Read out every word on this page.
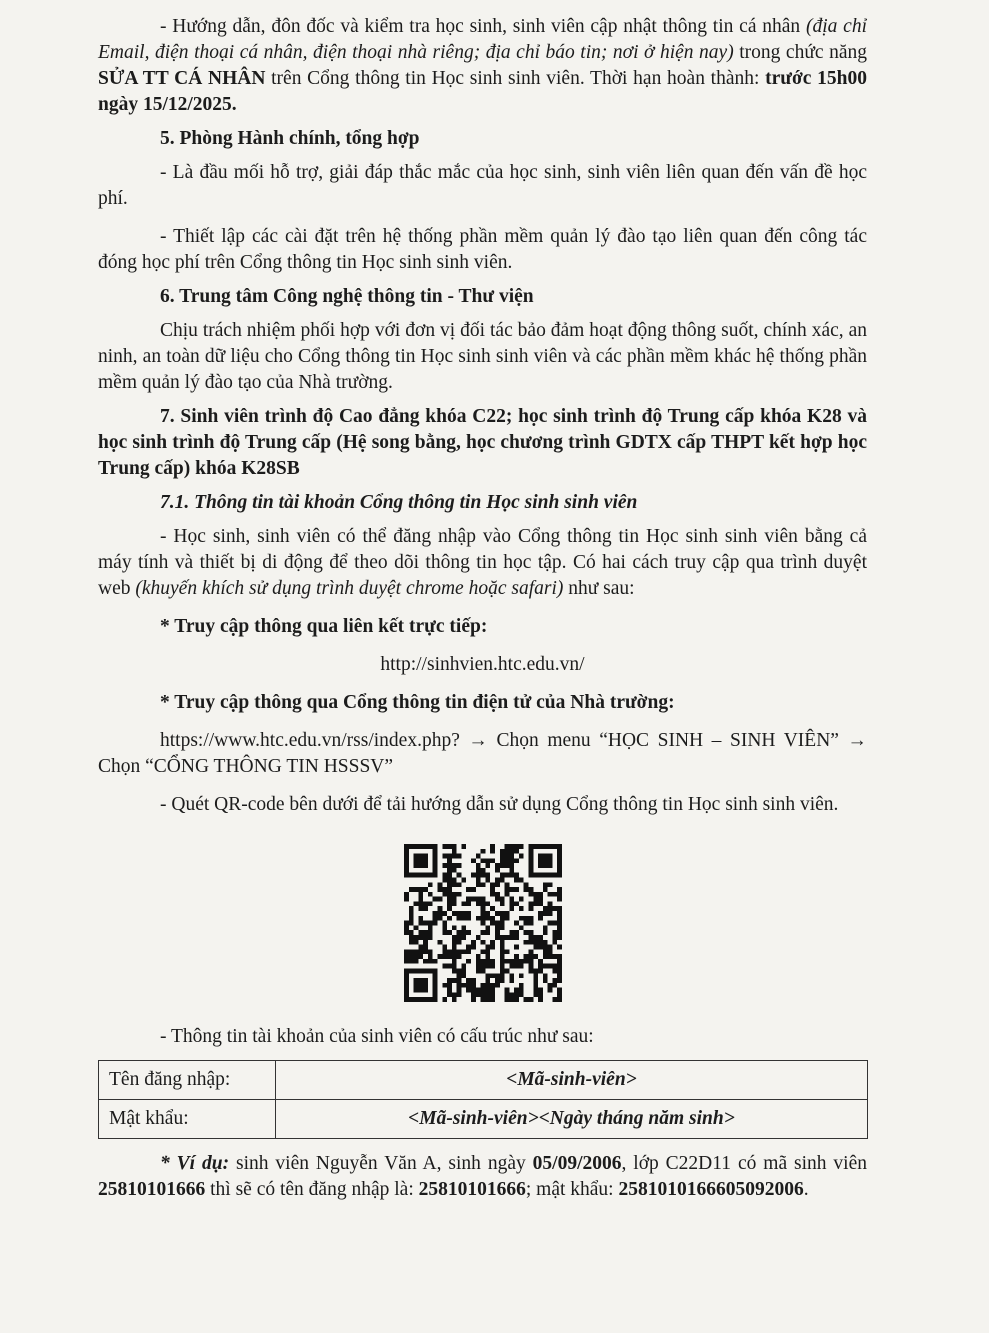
- Hướng dẫn, đôn đốc và kiểm tra học sinh, sinh viên cập nhật thông tin cá nhân (địa chỉ Email, điện thoại cá nhân, điện thoại nhà riêng; địa chỉ báo tin; nơi ở hiện nay) trong chức năng SỬA TT CÁ NHÂN trên Cổng thông tin Học sinh sinh viên. Thời hạn hoàn thành: trước 15h00 ngày 15/12/2025.

5. Phòng Hành chính, tổng hợp

- Là đầu mối hỗ trợ, giải đáp thắc mắc của học sinh, sinh viên liên quan đến vấn đề học phí.

- Thiết lập các cài đặt trên hệ thống phần mềm quản lý đào tạo liên quan đến công tác đóng học phí trên Cổng thông tin Học sinh sinh viên.

6. Trung tâm Công nghệ thông tin - Thư viện

Chịu trách nhiệm phối hợp với đơn vị đối tác bảo đảm hoạt động thông suốt, chính xác, an ninh, an toàn dữ liệu cho Cổng thông tin Học sinh sinh viên và các phần mềm khác hệ thống phần mềm quản lý đào tạo của Nhà trường.

7. Sinh viên trình độ Cao đẳng khóa C22; học sinh trình độ Trung cấp khóa K28 và học sinh trình độ Trung cấp (Hệ song bằng, học chương trình GDTX cấp THPT kết hợp học Trung cấp) khóa K28SB

7.1. Thông tin tài khoản Cổng thông tin Học sinh sinh viên

- Học sinh, sinh viên có thể đăng nhập vào Cổng thông tin Học sinh sinh viên bằng cả máy tính và thiết bị di động để theo dõi thông tin học tập. Có hai cách truy cập qua trình duyệt web (khuyến khích sử dụng trình duyệt chrome hoặc safari) như sau:

* Truy cập thông qua liên kết trực tiếp:

http://sinhvien.htc.edu.vn/

* Truy cập thông qua Cổng thông tin điện tử của Nhà trường:

https://www.htc.edu.vn/rss/index.php? → Chọn menu “HỌC SINH – SINH VIÊN” → Chọn “CỔNG THÔNG TIN HSSSV”

- Quét QR-code bên dưới để tải hướng dẫn sử dụng Cổng thông tin Học sinh sinh viên.

- Thông tin tài khoản của sinh viên có cấu trúc như sau:

Tên đăng nhập:	<Mã-sinh-viên>
Mật khẩu:	<Mã-sinh-viên><Ngày tháng năm sinh>

* Ví dụ: sinh viên Nguyễn Văn A, sinh ngày 05/09/2006, lớp C22D11 có mã sinh viên 25810101666 thì sẽ có tên đăng nhập là: 25810101666; mật khẩu: 2581010166605092006.
